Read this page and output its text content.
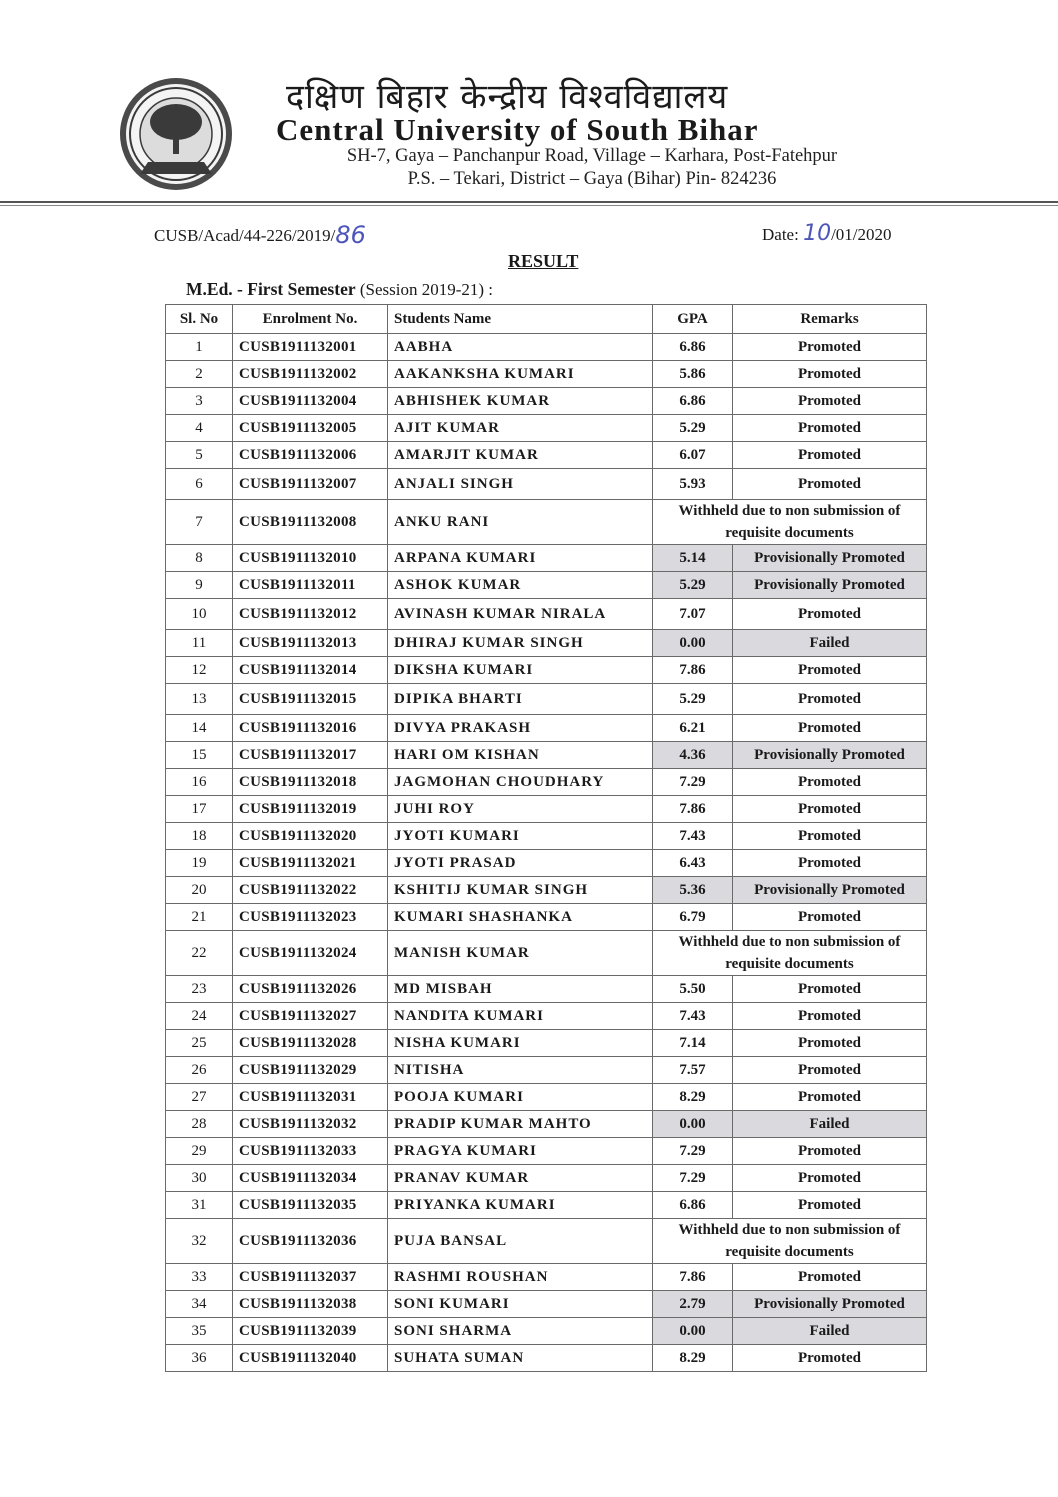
दक्षिण बिहार केन्द्रीय विश्वविद्यालय
Central University of South Bihar
SH-7, Gaya – Panchanpur Road, Village – Karhara, Post-Fatehpur
P.S. – Tekari, District – Gaya (Bihar) Pin- 824236
CUSB/Acad/44-226/2019/86	Date: 10/01/2020
RESULT
M.Ed. - First Semester (Session 2019-21) :
Sl. No	Enrolment No.	Students Name	GPA	Remarks
1	CUSB1911132001	AABHA	6.86	Promoted
2	CUSB1911132002	AAKANKSHA KUMARI	5.86	Promoted
3	CUSB1911132004	ABHISHEK KUMAR	6.86	Promoted
4	CUSB1911132005	AJIT KUMAR	5.29	Promoted
5	CUSB1911132006	AMARJIT KUMAR	6.07	Promoted
6	CUSB1911132007	ANJALI SINGH	5.93	Promoted
7	CUSB1911132008	ANKU RANI	Withheld due to non submission of requisite documents	
8	CUSB1911132010	ARPANA KUMARI	5.14	Provisionally Promoted
9	CUSB1911132011	ASHOK KUMAR	5.29	Provisionally Promoted
10	CUSB1911132012	AVINASH KUMAR NIRALA	7.07	Promoted
11	CUSB1911132013	DHIRAJ KUMAR SINGH	0.00	Failed
12	CUSB1911132014	DIKSHA KUMARI	7.86	Promoted
13	CUSB1911132015	DIPIKA BHARTI	5.29	Promoted
14	CUSB1911132016	DIVYA PRAKASH	6.21	Promoted
15	CUSB1911132017	HARI OM KISHAN	4.36	Provisionally Promoted
16	CUSB1911132018	JAGMOHAN CHOUDHARY	7.29	Promoted
17	CUSB1911132019	JUHI ROY	7.86	Promoted
18	CUSB1911132020	JYOTI KUMARI	7.43	Promoted
19	CUSB1911132021	JYOTI PRASAD	6.43	Promoted
20	CUSB1911132022	KSHITIJ KUMAR SINGH	5.36	Provisionally Promoted
21	CUSB1911132023	KUMARI SHASHANKA	6.79	Promoted
22	CUSB1911132024	MANISH KUMAR	Withheld due to non submission of requisite documents	
23	CUSB1911132026	MD MISBAH	5.50	Promoted
24	CUSB1911132027	NANDITA KUMARI	7.43	Promoted
25	CUSB1911132028	NISHA KUMARI	7.14	Promoted
26	CUSB1911132029	NITISHA	7.57	Promoted
27	CUSB1911132031	POOJA KUMARI	8.29	Promoted
28	CUSB1911132032	PRADIP KUMAR MAHTO	0.00	Failed
29	CUSB1911132033	PRAGYA KUMARI	7.29	Promoted
30	CUSB1911132034	PRANAV KUMAR	7.29	Promoted
31	CUSB1911132035	PRIYANKA KUMARI	6.86	Promoted
32	CUSB1911132036	PUJA BANSAL	Withheld due to non submission of requisite documents	
33	CUSB1911132037	RASHMI ROUSHAN	7.86	Promoted
34	CUSB1911132038	SONI KUMARI	2.79	Provisionally Promoted
35	CUSB1911132039	SONI SHARMA	0.00	Failed
36	CUSB1911132040	SUHATA SUMAN	8.29	Promoted
